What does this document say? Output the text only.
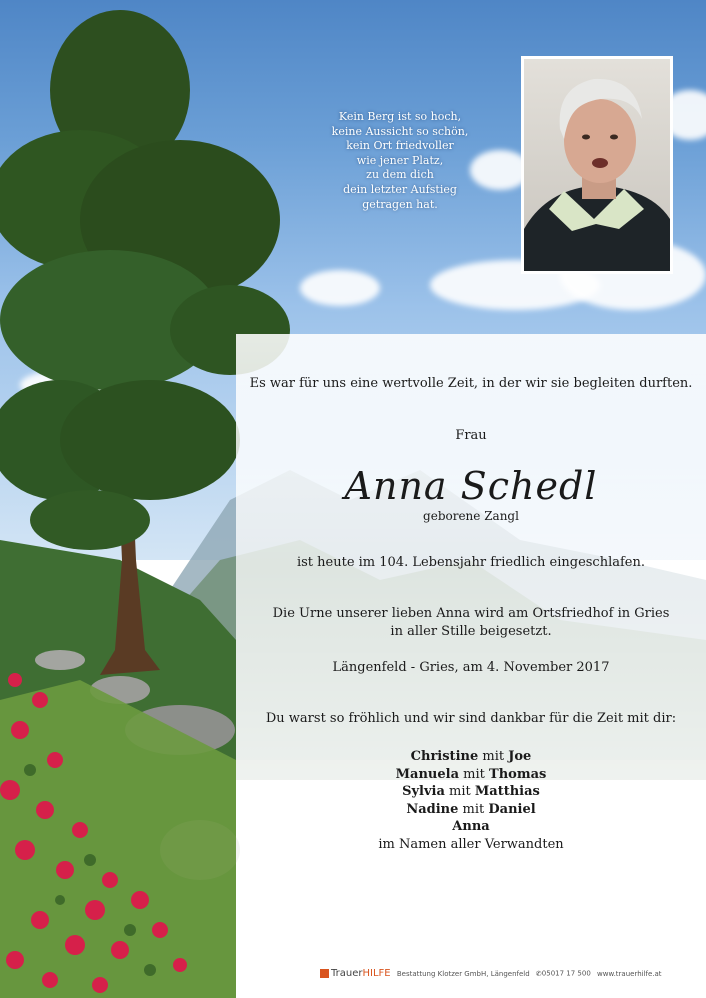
Kein Berg ist so hoch,
keine Aussicht so schön,
kein Ort friedvoller
wie jener Platz,
zu dem dich
dein letzter Aufstieg
getragen hat.
Es war für uns eine wertvolle Zeit, in der wir sie begleiten durften.
Frau
Anna Schedl
geborene Zangl
ist heute im 104. Lebensjahr friedlich eingeschlafen.
Die Urne unserer lieben Anna wird am Ortsfriedhof in Gries
in aller Stille beigesetzt.
Längenfeld - Gries, am 4. November 2017
Du warst so fröhlich und wir sind dankbar für die Zeit mit dir:
Christine mit Joe
Manuela mit Thomas
Sylvia mit Matthias
Nadine mit Daniel
Anna
im Namen aller Verwandten
TrauerHILFE Bestattung Klotzer GmbH, Längenfeld ✆05017 17 500 www.trauerhilfe.at
